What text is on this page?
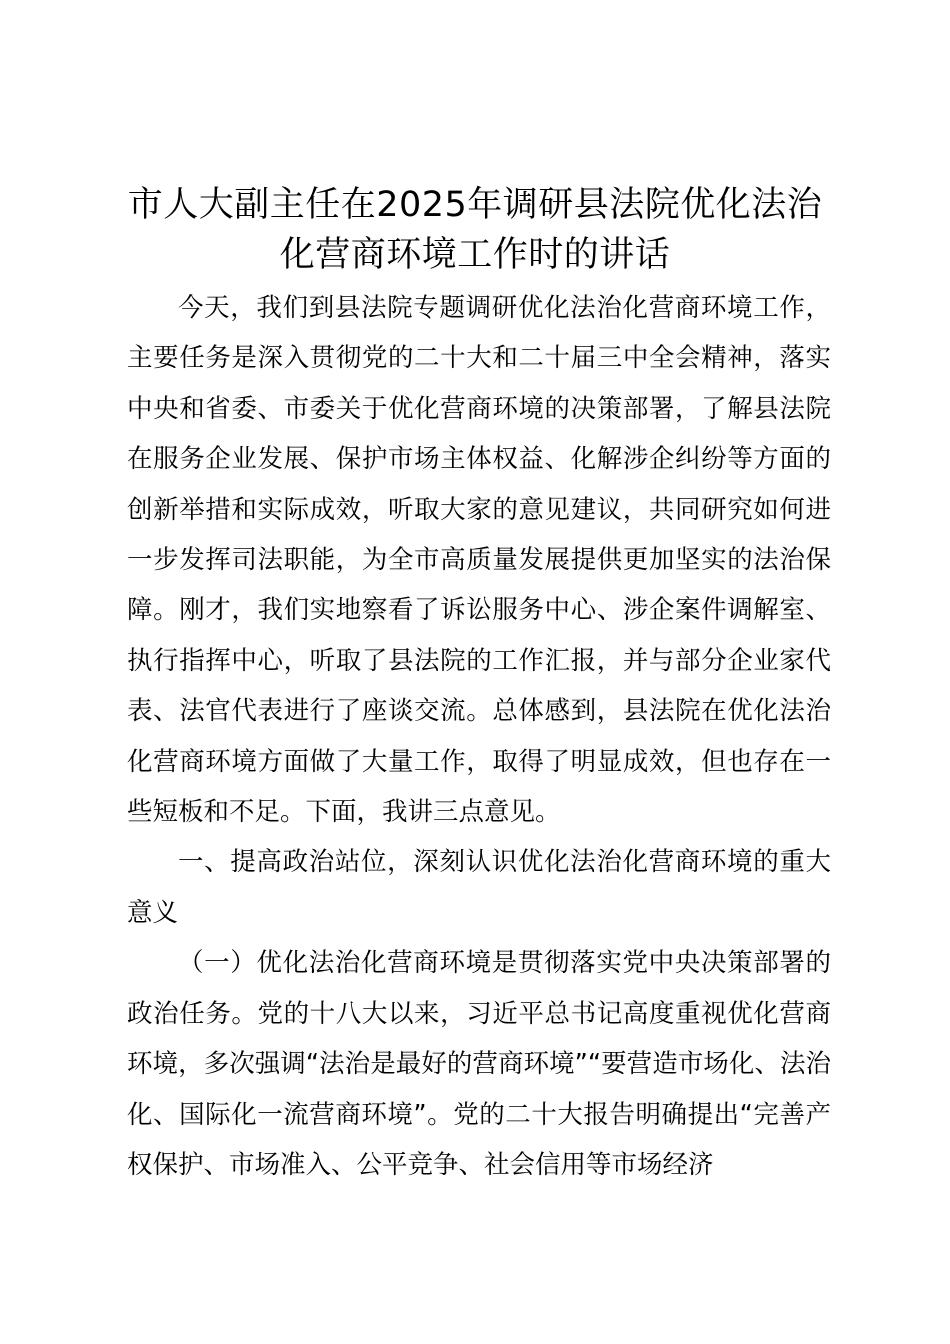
市人大副主任在2025年调研县法院优化法治化营商环境工作时的讲话

今天，我们到县法院专题调研优化法治化营商环境工作，主要任务是深入贯彻党的二十大和二十届三中全会精神，落实中央和省委、市委关于优化营商环境的决策部署，了解县法院在服务企业发展、保护市场主体权益、化解涉企纠纷等方面的创新举措和实际成效，听取大家的意见建议，共同研究如何进一步发挥司法职能，为全市高质量发展提供更加坚实的法治保障。刚才，我们实地察看了诉讼服务中心、涉企案件调解室、执行指挥中心，听取了县法院的工作汇报，并与部分企业家代表、法官代表进行了座谈交流。总体感到，县法院在优化法治化营商环境方面做了大量工作，取得了明显成效，但也存在一些短板和不足。下面，我讲三点意见。

一、提高政治站位，深刻认识优化法治化营商环境的重大意义

（一）优化法治化营商环境是贯彻落实党中央决策部署的政治任务。党的十八大以来，习近平总书记高度重视优化营商环境，多次强调“法治是最好的营商环境”“要营造市场化、法治化、国际化一流营商环境”。党的二十大报告明确提出“完善产权保护、市场准入、公平竞争、社会信用等市场经济
